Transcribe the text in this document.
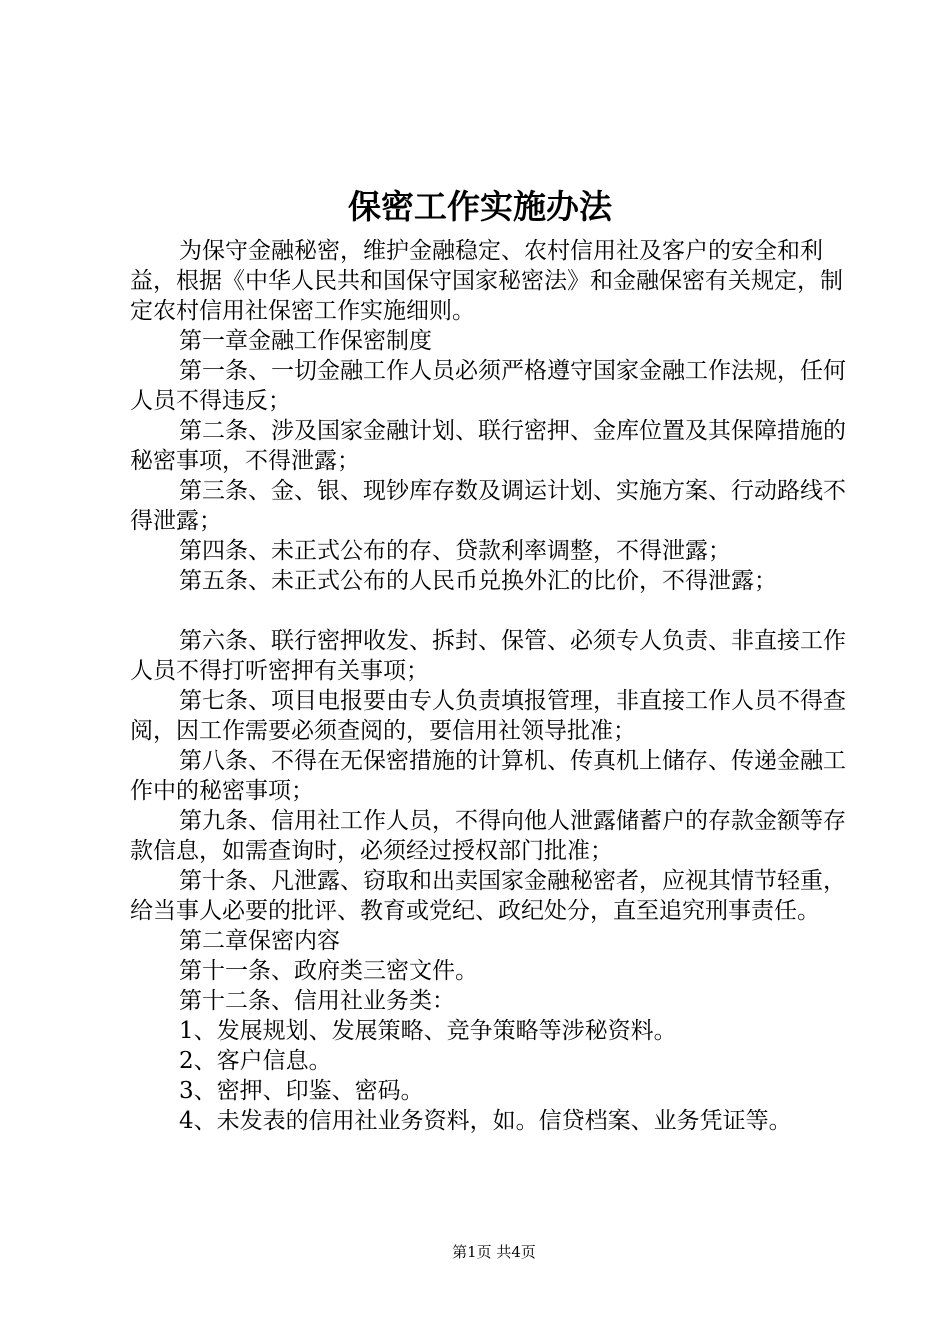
保密工作实施办法

为保守金融秘密，维护金融稳定、农村信用社及客户的安全和利益，根据《中华人民共和国保守国家秘密法》和金融保密有关规定，制定农村信用社保密工作实施细则。

第一章金融工作保密制度

第一条、一切金融工作人员必须严格遵守国家金融工作法规，任何人员不得违反；

第二条、涉及国家金融计划、联行密押、金库位置及其保障措施的秘密事项，不得泄露；

第三条、金、银、现钞库存数及调运计划、实施方案、行动路线不得泄露；

第四条、未正式公布的存、贷款利率调整，不得泄露；

第五条、未正式公布的人民币兑换外汇的比价，不得泄露；

第六条、联行密押收发、拆封、保管、必须专人负责、非直接工作人员不得打听密押有关事项；

第七条、项目电报要由专人负责填报管理，非直接工作人员不得查阅，因工作需要必须查阅的，要信用社领导批准；

第八条、不得在无保密措施的计算机、传真机上储存、传递金融工作中的秘密事项；

第九条、信用社工作人员，不得向他人泄露储蓄户的存款金额等存款信息，如需查询时，必须经过授权部门批准；

第十条、凡泄露、窃取和出卖国家金融秘密者，应视其情节轻重，给当事人必要的批评、教育或党纪、政纪处分，直至追究刑事责任。

第二章保密内容

第十一条、政府类三密文件。

第十二条、信用社业务类：

1、发展规划、发展策略、竞争策略等涉秘资料。

2、客户信息。

3、密押、印鉴、密码。

4、未发表的信用社业务资料，如。信贷档案、业务凭证等。

第1页 共4页
